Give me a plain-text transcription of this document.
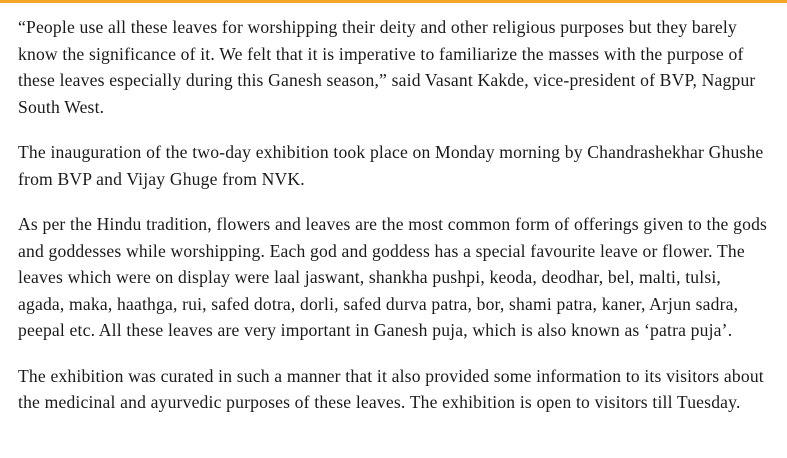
“People use all these leaves for worshipping their deity and other religious purposes but they barely know the significance of it. We felt that it is imperative to familiarize the masses with the purpose of these leaves especially during this Ganesh season,” said Vasant Kakde, vice-president of BVP, Nagpur South West.

The inauguration of the two-day exhibition took place on Monday morning by Chandrashekhar Ghushe from BVP and Vijay Ghuge from NVK.

As per the Hindu tradition, flowers and leaves are the most common form of offerings given to the gods and goddesses while worshipping. Each god and goddess has a special favourite leave or flower. The leaves which were on display were laal jaswant, shankha pushpi, keoda, deodhar, bel, malti, tulsi, agada, maka, haathga, rui, safed dotra, dorli, safed durva patra, bor, shami patra, kaner, Arjun sadra, peepal etc. All these leaves are very important in Ganesh puja, which is also known as ‘patra puja’.

The exhibition was curated in such a manner that it also provided some information to its visitors about the medicinal and ayurvedic purposes of these leaves. The exhibition is open to visitors till Tuesday.
